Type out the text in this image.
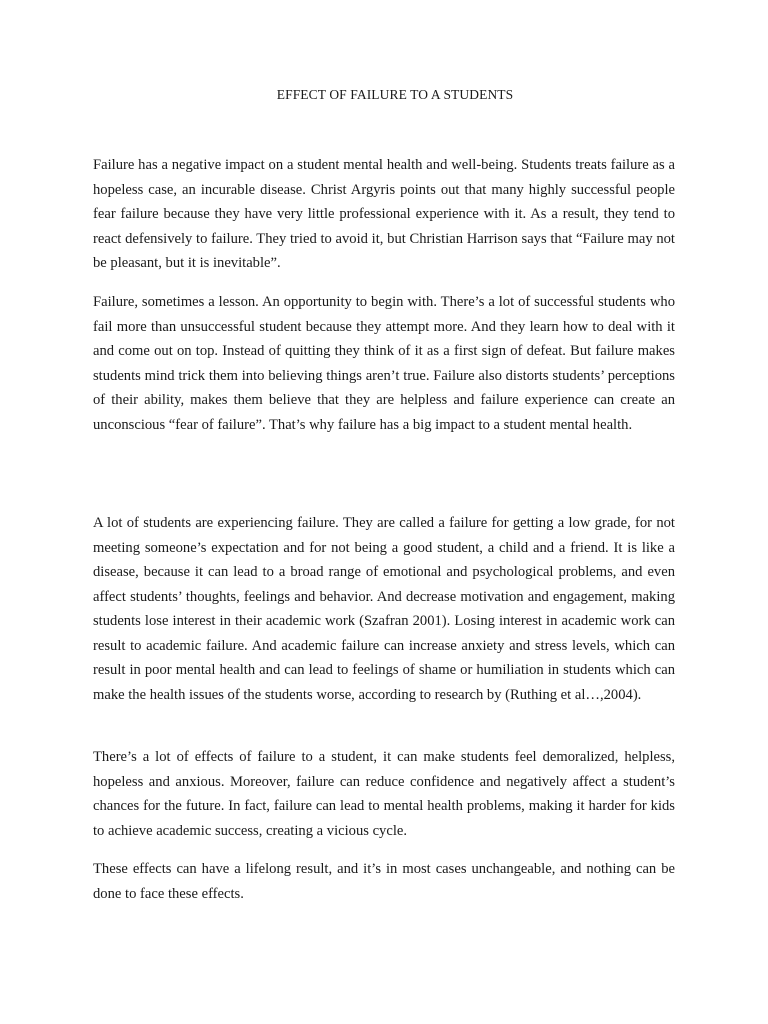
EFFECT OF FAILURE TO A STUDENTS

Failure has a negative impact on a student mental health and well-being. Students treats failure as a hopeless case, an incurable disease. Christ Argyris points out that many highly successful people fear failure because they have very little professional experience with it. As a result, they tend to react defensively to failure. They tried to avoid it, but Christian Harrison says that “Failure may not be pleasant, but it is inevitable”.

Failure, sometimes a lesson. An opportunity to begin with. There’s a lot of successful students who fail more than unsuccessful student because they attempt more. And they learn how to deal with it and come out on top. Instead of quitting they think of it as a first sign of defeat. But failure makes students mind trick them into believing things aren’t true. Failure also distorts students’ perceptions of their ability, makes them believe that they are helpless and failure experience can create an unconscious “fear of failure”. That’s why failure has a big impact to a student mental health.

A lot of students are experiencing failure. They are called a failure for getting a low grade, for not meeting someone’s expectation and for not being a good student, a child and a friend. It is like a disease, because it can lead to a broad range of emotional and psychological problems, and even affect students’ thoughts, feelings and behavior. And decrease motivation and engagement, making students lose interest in their academic work (Szafran 2001). Losing interest in academic work can result to academic failure. And academic failure can increase anxiety and stress levels, which can result in poor mental health and can lead to feelings of shame or humiliation in students which can make the health issues of the students worse, according to research by (Ruthing et al…,2004).

There’s a lot of effects of failure to a student, it can make students feel demoralized, helpless, hopeless and anxious. Moreover, failure can reduce confidence and negatively affect a student’s chances for the future. In fact, failure can lead to mental health problems, making it harder for kids to achieve academic success, creating a vicious cycle.

These effects can have a lifelong result, and it’s in most cases unchangeable, and nothing can be done to face these effects.
